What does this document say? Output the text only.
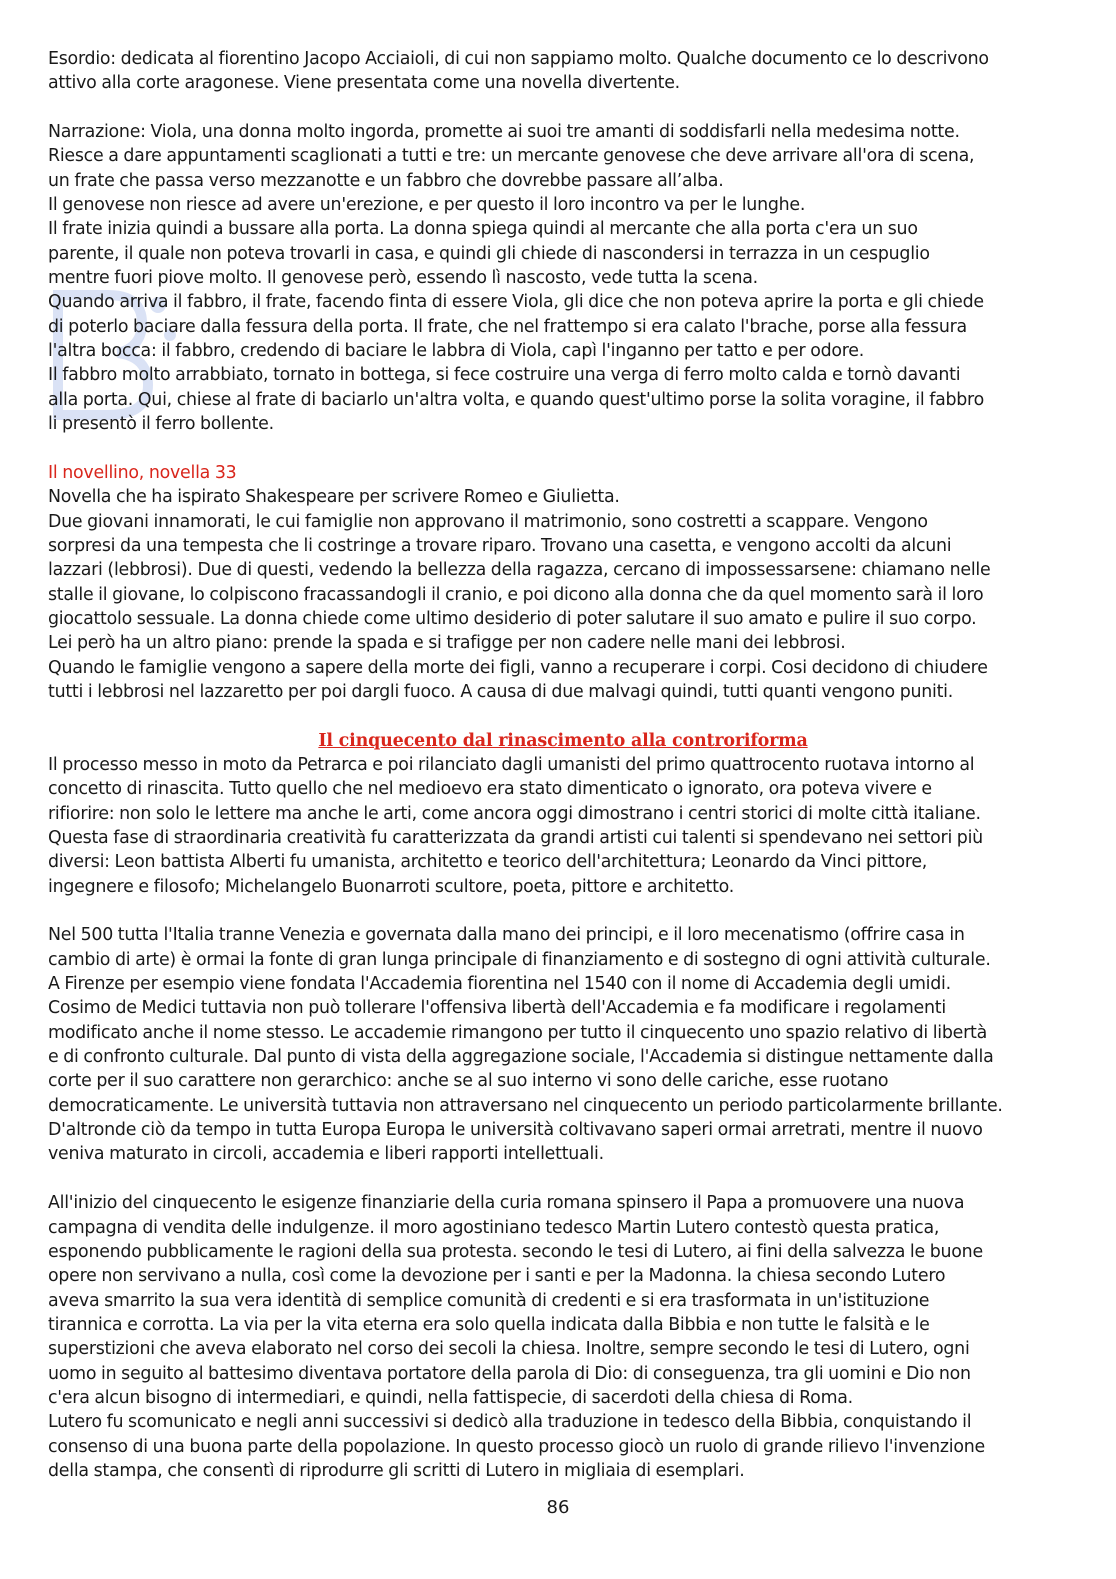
Esordio: dedicata al fiorentino Jacopo Acciaioli, di cui non sappiamo molto. Qualche documento ce lo descrivono

attivo alla corte aragonese. Viene presentata come una novella divertente.

Narrazione: Viola, una donna molto ingorda, promette ai suoi tre amanti di soddisfarli nella medesima notte.

Riesce a dare appuntamenti scaglionati a tutti e tre: un mercante genovese che deve arrivare all'ora di scena,

un frate che passa verso mezzanotte e un fabbro che dovrebbe passare all’alba.

Il genovese non riesce ad avere un'erezione, e per questo il loro incontro va per le lunghe.

Il frate inizia quindi a bussare alla porta. La donna spiega quindi al mercante che alla porta c'era un suo

parente, il quale non poteva trovarli in casa, e quindi gli chiede di nascondersi in terrazza in un cespuglio

mentre fuori piove molto. Il genovese però, essendo lì nascosto, vede tutta la scena.

Quando arriva il fabbro, il frate, facendo finta di essere Viola, gli dice che non poteva aprire la porta e gli chiede

di poterlo baciare dalla fessura della porta. Il frate, che nel frattempo si era calato l'brache, porse alla fessura

l'altra bocca: il fabbro, credendo di baciare le labbra di Viola, capì l'inganno per tatto e per odore.

Il fabbro molto arrabbiato, tornato in bottega, si fece costruire una verga di ferro molto calda e tornò davanti

alla porta. Qui, chiese al frate di baciarlo un'altra volta, e quando quest'ultimo porse la solita voragine, il fabbro

li presentò il ferro bollente.

Il novellino, novella 33

Novella che ha ispirato Shakespeare per scrivere Romeo e Giulietta.

Due giovani innamorati, le cui famiglie non approvano il matrimonio, sono costretti a scappare. Vengono

sorpresi da una tempesta che li costringe a trovare riparo. Trovano una casetta, e vengono accolti da alcuni

lazzari (lebbrosi). Due di questi, vedendo la bellezza della ragazza, cercano di impossessarsene: chiamano nelle

stalle il giovane, lo colpiscono fracassandogli il cranio, e poi dicono alla donna che da quel momento sarà il loro

giocattolo sessuale. La donna chiede come ultimo desiderio di poter salutare il suo amato e pulire il suo corpo.

Lei però ha un altro piano: prende la spada e si trafigge per non cadere nelle mani dei lebbrosi.

Quando le famiglie vengono a sapere della morte dei figli, vanno a recuperare i corpi. Cosi decidono di chiudere

tutti i lebbrosi nel lazzaretto per poi dargli fuoco. A causa di due malvagi quindi, tutti quanti vengono puniti.

Il cinquecento dal rinascimento alla controriforma

Il processo messo in moto da Petrarca e poi rilanciato dagli umanisti del primo quattrocento ruotava intorno al

concetto di rinascita. Tutto quello che nel medioevo era stato dimenticato o ignorato, ora poteva vivere e

rifiorire: non solo le lettere ma anche le arti, come ancora oggi dimostrano i centri storici di molte città italiane.

Questa fase di straordinaria creatività fu caratterizzata da grandi artisti cui talenti si spendevano nei settori più

diversi: Leon battista Alberti fu umanista, architetto e teorico dell'architettura; Leonardo da Vinci pittore,

ingegnere e filosofo; Michelangelo Buonarroti scultore, poeta, pittore e architetto.

Nel 500 tutta l'Italia tranne Venezia e governata dalla mano dei principi, e il loro mecenatismo (offrire casa in

cambio di arte) è ormai la fonte di gran lunga principale di finanziamento e di sostegno di ogni attività culturale.

A Firenze per esempio viene fondata l'Accademia fiorentina nel 1540 con il nome di Accademia degli umidi.

Cosimo de Medici tuttavia non può tollerare l'offensiva libertà dell'Accademia e fa modificare i regolamenti

modificato anche il nome stesso. Le accademie rimangono per tutto il cinquecento uno spazio relativo di libertà

e di confronto culturale. Dal punto di vista della aggregazione sociale, l'Accademia si distingue nettamente dalla

corte per il suo carattere non gerarchico: anche se al suo interno vi sono delle cariche, esse ruotano

democraticamente. Le università tuttavia non attraversano nel cinquecento un periodo particolarmente brillante.

D'altronde ciò da tempo in tutta Europa Europa le università coltivavano saperi ormai arretrati, mentre il nuovo

veniva maturato in circoli, accademia e liberi rapporti intellettuali.

All'inizio del cinquecento le esigenze finanziarie della curia romana spinsero il Papa a promuovere una nuova

campagna di vendita delle indulgenze. il moro agostiniano tedesco Martin Lutero contestò questa pratica,

esponendo pubblicamente le ragioni della sua protesta. secondo le tesi di Lutero, ai fini della salvezza le buone

opere non servivano a nulla, così come la devozione per i santi e per la Madonna. la chiesa secondo Lutero

aveva smarrito la sua vera identità di semplice comunità di credenti e si era trasformata in un'istituzione

tirannica e corrotta. La via per la vita eterna era solo quella indicata dalla Bibbia e non tutte le falsità e le

superstizioni che aveva elaborato nel corso dei secoli la chiesa. Inoltre, sempre secondo le tesi di Lutero, ogni

uomo in seguito al battesimo diventava portatore della parola di Dio: di conseguenza, tra gli uomini e Dio non

c'era alcun bisogno di intermediari, e quindi, nella fattispecie, di sacerdoti della chiesa di Roma.

Lutero fu scomunicato e negli anni successivi si dedicò alla traduzione in tedesco della Bibbia, conquistando il

consenso di una buona parte della popolazione. In questo processo giocò un ruolo di grande rilievo l'invenzione

della stampa, che consentì di riprodurre gli scritti di Lutero in migliaia di esemplari.

86
